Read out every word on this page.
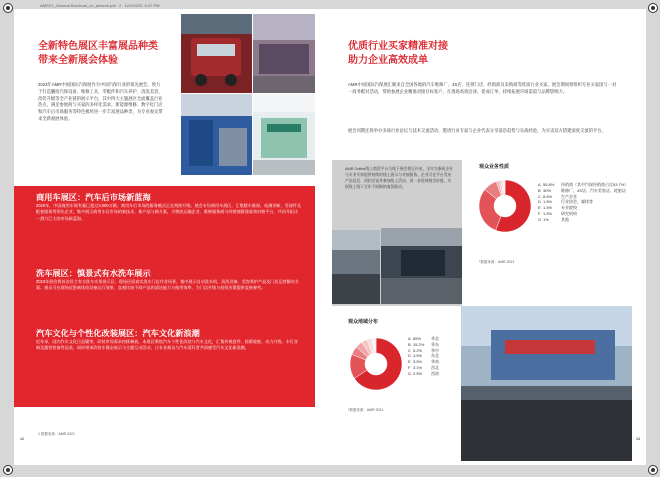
AMR21_General Brochure_cn_artwork.pdf 2 12/2/2020 5:47 PM
全新特色展区丰富展品种类
带来全新展会体验
2023年AMR中国国际汽保展作为中国汽保行业的领先展会，致力于打造囊括汽保设备、维修工具、零配件和汽车养护、清洗美容、改装升级等全产业链的展示平台，其中四大主题展区全面覆盖行业热点，满足参展商与买家的多样化需求。新能源维修、数字化门店和汽车后市场服务等特色板块进一步丰富展品种类，为专业观众带来全新观展体验。
商用车展区：汽车后市场新蓝海
2020年，中国商用车保有量已超过3,000万辆，商用车后市场的服务模式正在持续升级。展会专设商用车展区，汇集整车维保、检测诊断、零部件及配套服务等领先企业，集中展示商用车后市场的新技术、新产品与新方案，为物流运输企业、维修服务商与经销商搭建高效对接平台，共同开拓这一潜力巨大的市场新蓝海。
洗车展区：慎景式有水洗车展示
2023年展会将首次设立有水洗车实景展示区，现场还原真实洗车门店作业场景，集中展示自动洗车机、清洗设备、美容养护产品及门店运营解决方案。观众可在现场近距离体验设备运行效果，直观比较不同产品的清洁能力与使用效率，为门店升级与投资决策提供直接参考。
汽车文化与个性化改装展区：汽车文化新浪潮
近年来，国内汽车文化日益繁荣，改装市场需求持续释放。本展区聚焦汽车个性化改装与汽车文化，汇集外观套件、轮毂轮胎、动力升级、车灯音响及露营装备等品类，同时带来改装车静态展示与主题互动活动，让专业观众与汽车爱好者共同感受汽车文化新浪潮。
1 数据来源：AMR 2021
12
优质行业买家精准对接
助力企业高效成单
AMR中国国际汽保展汇聚来自全国各地的汽车维修厂、4S店、连锁门店、经销商及采购商等优质行业买家，展会期间将组织专业买家团与一对一商务配对活动，帮助参展企业精准对接目标客户，在现场高效洽谈、促成订单，持续拓展市场渠道与品牌影响力。
展会同期还将举办多场行业论坛与技术交流活动，邀请行业专家与企业代表分享前沿趋势与实战经验，为买卖双方搭建深度交流的平台。
AMR Online线上商贸平台与线下展会相互补充，全年为参展企业与专业买家提供持续的线上展示与对接服务。企业可在平台发布产品信息、预约洽谈并参加线上活动，进一步延伸展会价值，实现线上线下全年不间断的商贸联动。
观众业务性质
A 55.8% 经销商（其中汽保经销商占比53.7%）
B 30% 维修厂、4S店、汽车美容店、轮胎店
C 8.6% 生产企业
D 1.5% 行业协会、媒体等
E 1.5% 专业院校
F 1.5% 研究机构
G 1%	其他
*数据来源：AMR 2021
观众地域分布
A 65% 华北
B 15.2% 华东
C 5.2% 华中
D 4.5% 东北
E 3.5% 华南
F 3.1% 西北
G 2.5% 西南
*数据来源：AMR 2021
13
